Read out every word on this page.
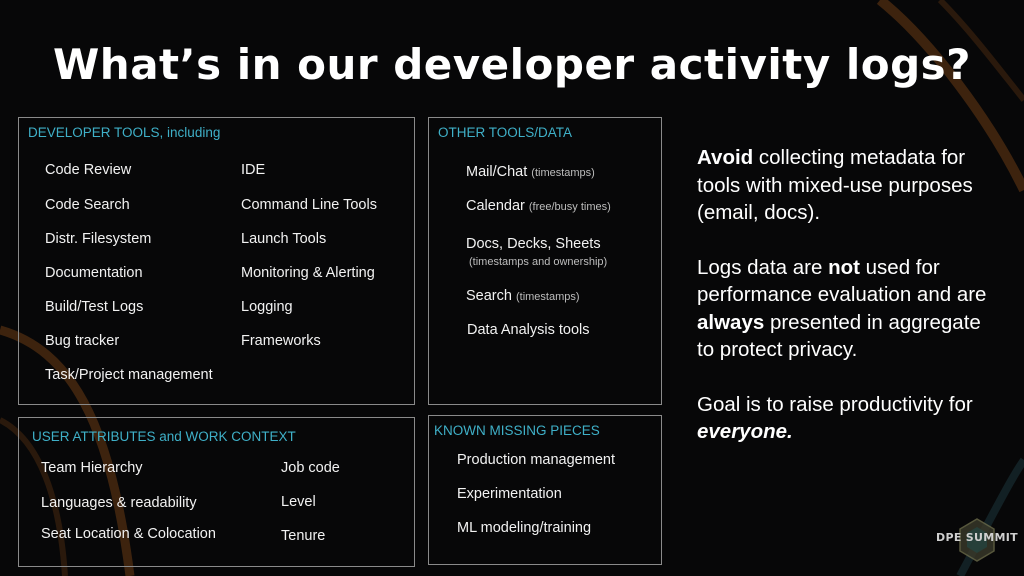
What’s in our developer activity logs?
DEVELOPER TOOLS, including
Code Review
Code Search
Distr. Filesystem
Documentation
Build/Test Logs
Bug tracker
Task/Project management
IDE
Command Line Tools
Launch Tools
Monitoring & Alerting
Logging
Frameworks
OTHER TOOLS/DATA
Mail/Chat (timestamps)
Calendar (free/busy times)
Docs, Decks, Sheets
(timestamps and ownership)
Search (timestamps)
Data Analysis tools
USER ATTRIBUTES and WORK CONTEXT
Team Hierarchy
Languages & readability
Seat Location & Colocation
Job code
Level
Tenure
KNOWN MISSING PIECES
Production management
Experimentation
ML modeling/training

Avoid collecting metadata for tools with mixed-use purposes (email, docs).

Logs data are not used for performance evaluation and are always presented in aggregate to protect privacy.

Goal is to raise productivity for everyone.

DPE SUMMIT
